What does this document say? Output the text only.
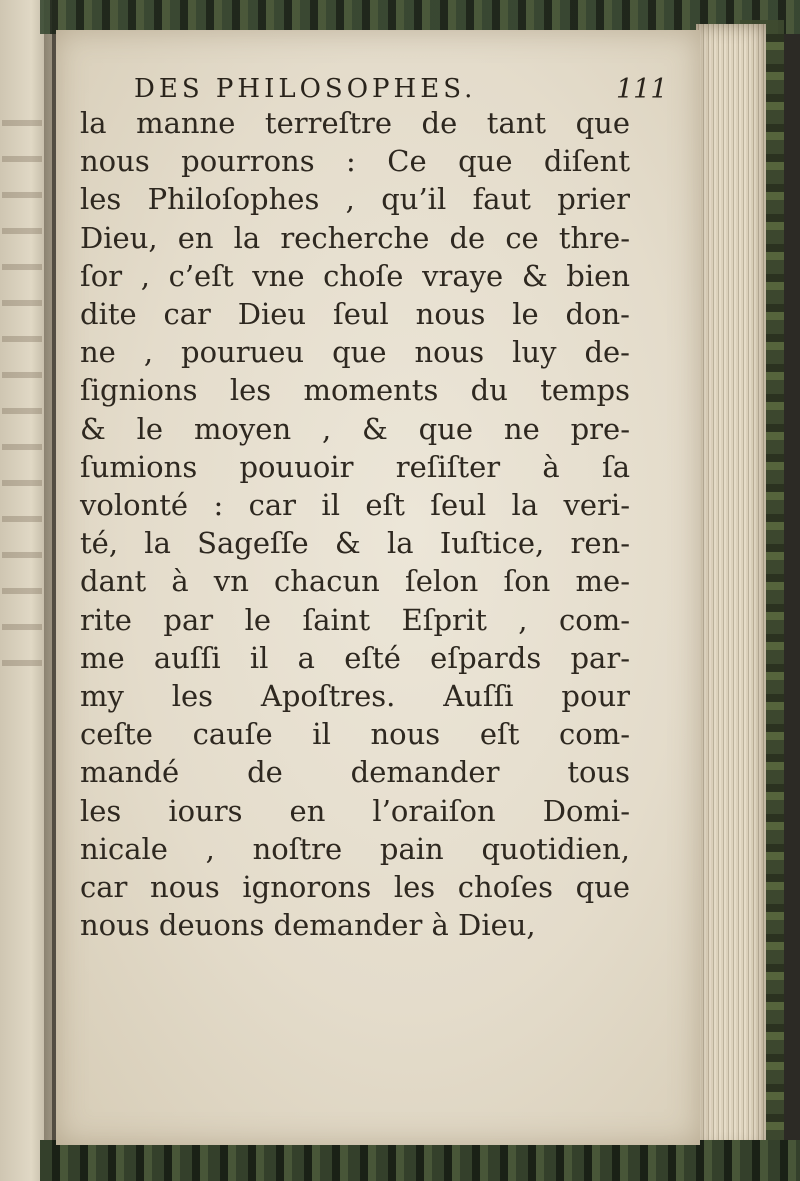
DES PHILOSOPHES.	111
la manne terreſtre de tant que
nous pourrons : Ce que diſent
les Philoſophes , qu’il faut prier
Dieu, en la recherche de ce thre-
ſor , c’eſt vne choſe vraye & bien
dite car Dieu ſeul nous le don-
ne , pourueu que nous luy de-
ſignions les moments du temps
& le moyen , & que ne pre-
ſumions pouuoir reſiſter à ſa
volonté : car il eſt ſeul la veri-
té, la Sageſſe & la Iuſtice, ren-
dant à vn chacun ſelon ſon me-
rite par le ſaint Eſprit , com-
me auſſi il a eſté eſpards par-
my les Apoſtres. Auſſi pour
ceſte cauſe il nous eſt com-
mandé de demander tous
les iours en l’oraiſon Domi-
nicale , noſtre pain quotidien,
car nous ignorons les choſes que
nous deuons demander à Dieu,
